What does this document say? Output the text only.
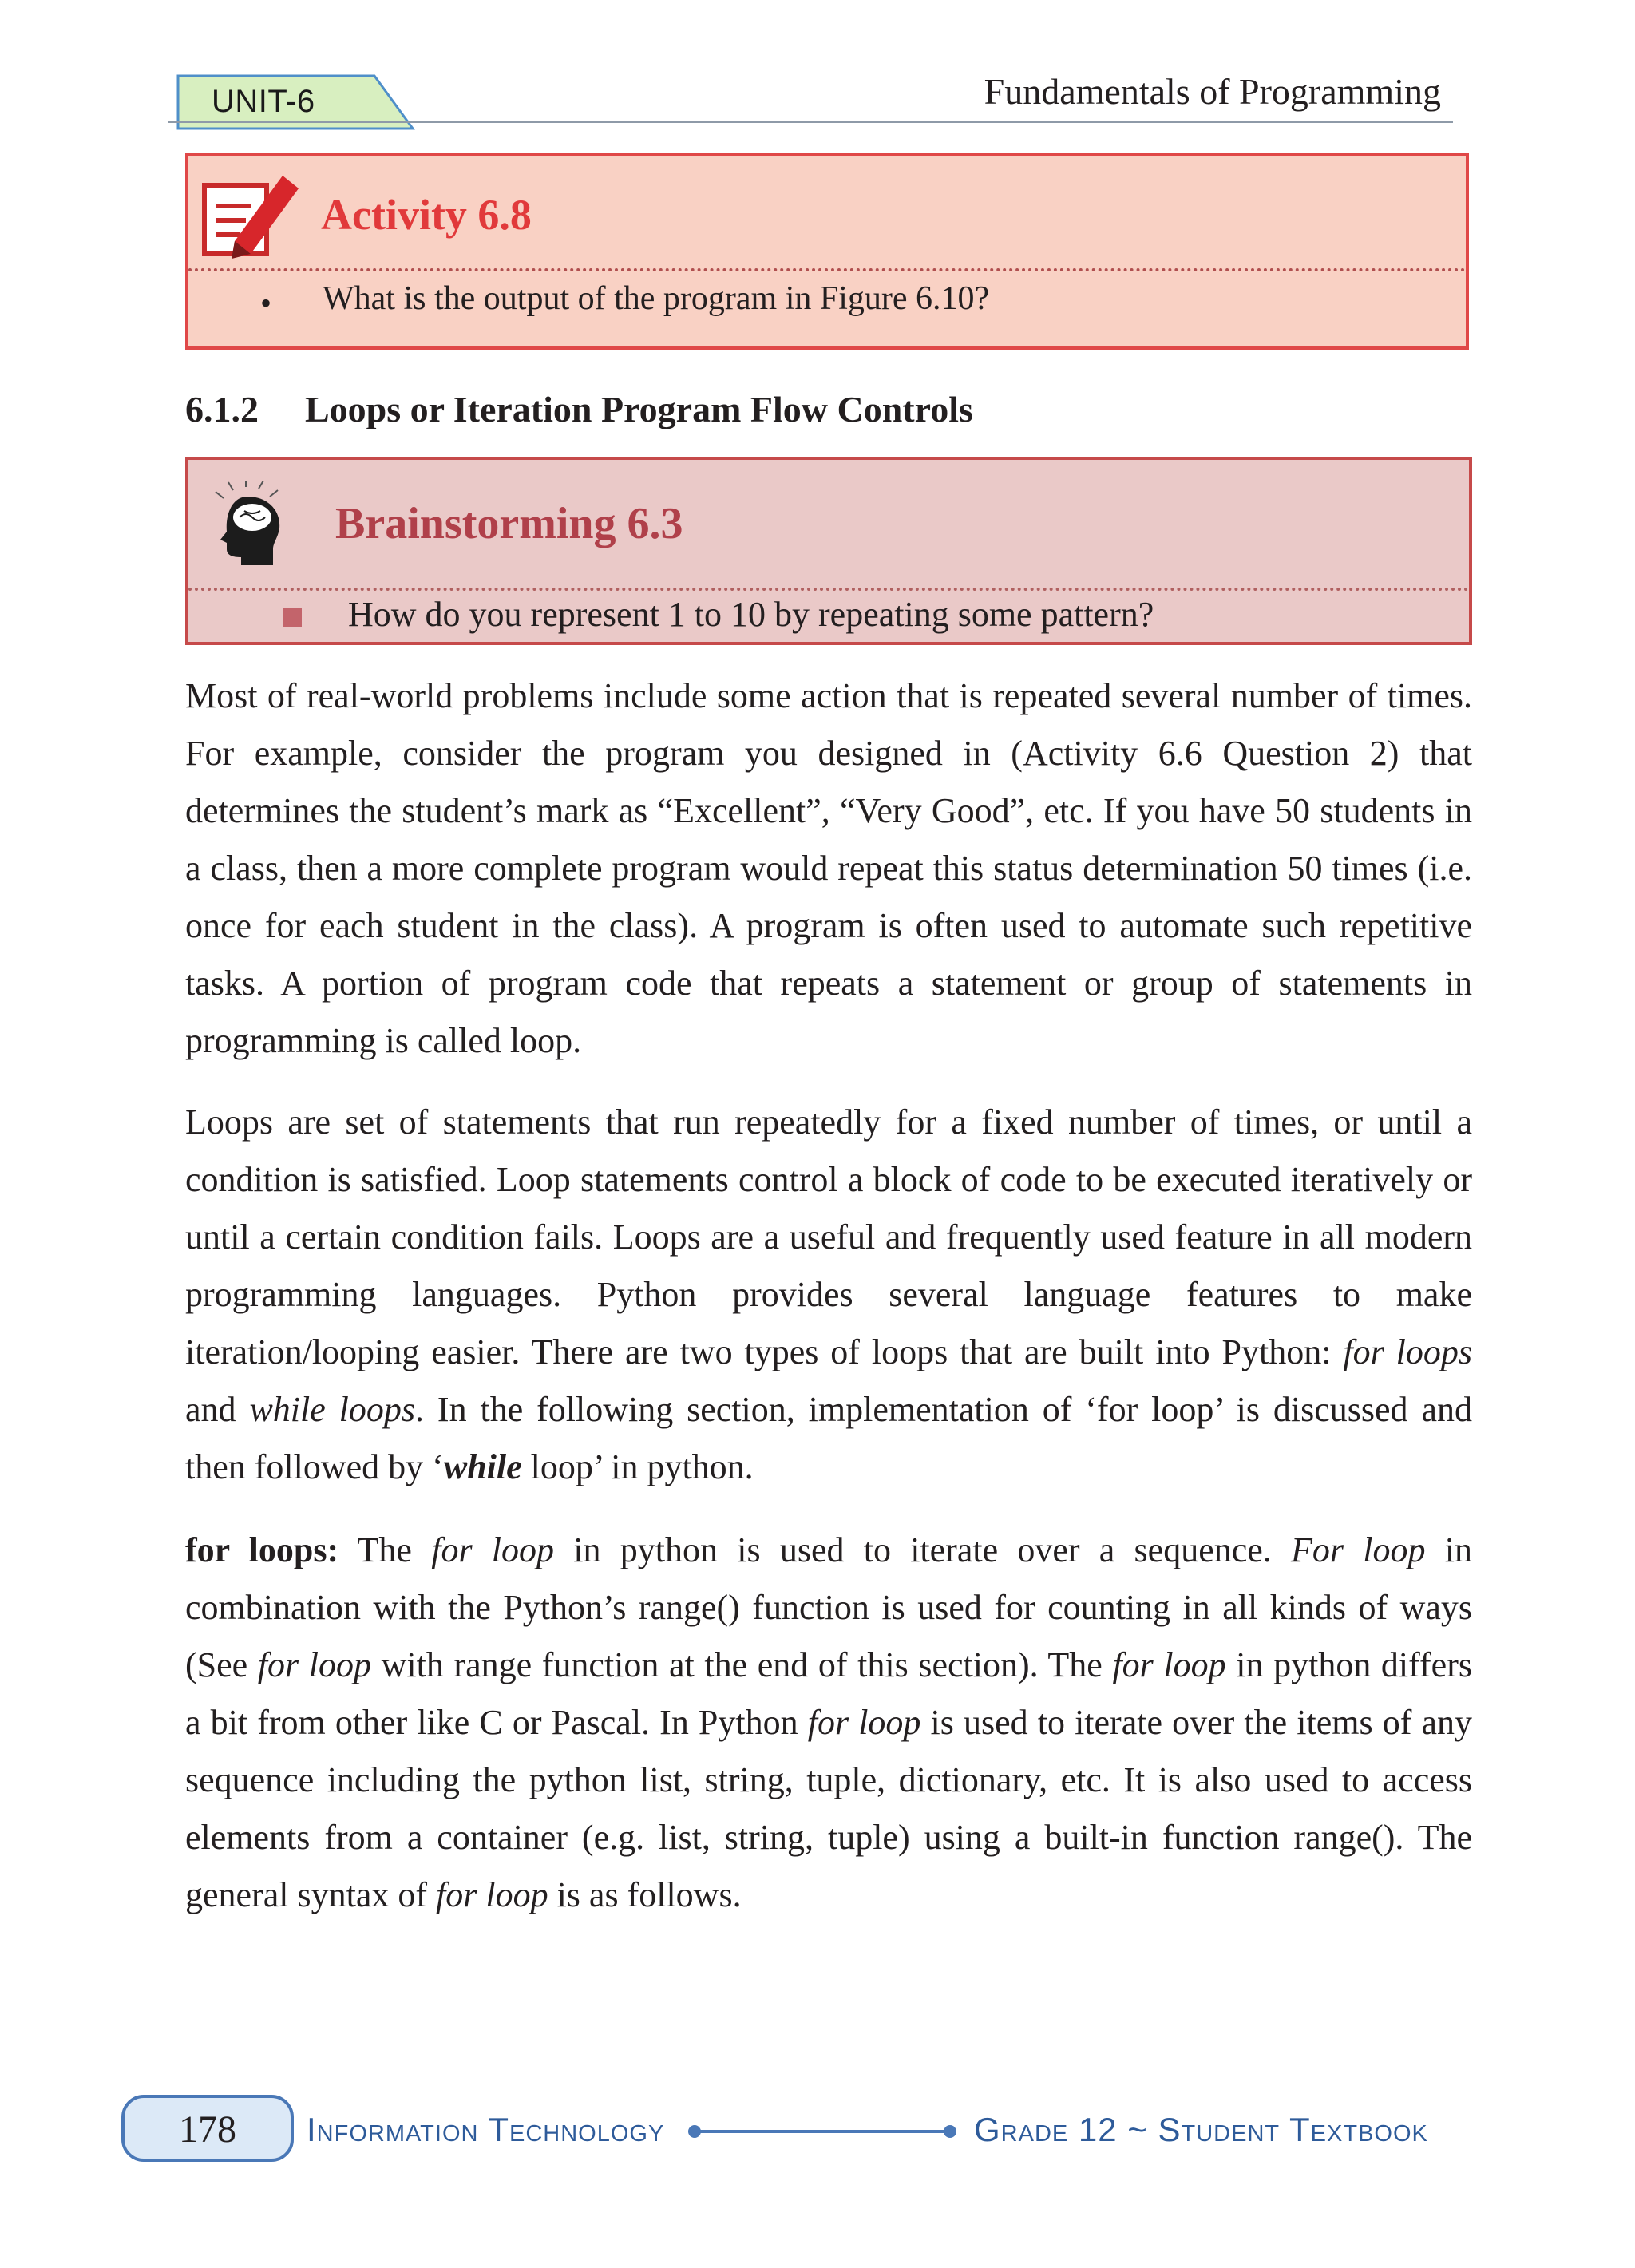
UNIT-6	Fundamentals of Programming
Activity 6.8
• What is the output of the program in Figure 6.10?
6.1.2 Loops or Iteration Program Flow Controls
Brainstorming 6.3
How do you represent 1 to 10 by repeating some pattern?

Most of real-world problems include some action that is repeated several number of times. For example, consider the program you designed in (Activity 6.6 Question 2) that determines the student’s mark as “Excellent”, “Very Good”, etc. If you have 50 students in a class, then a more complete program would repeat this status determination 50 times (i.e. once for each student in the class). A program is often used to automate such repetitive tasks. A portion of program code that repeats a statement or group of statements in programming is called loop.

Loops are set of statements that run repeatedly for a fixed number of times, or until a condition is satisfied. Loop statements control a block of code to be executed iteratively or until a certain condition fails. Loops are a useful and frequently used feature in all modern programming languages. Python provides several language features to make iteration/looping easier. There are two types of loops that are built into Python: for loops and while loops. In the following section, implementation of ‘for loop’ is discussed and then followed by ‘while loop’ in python.

for loops: The for loop in python is used to iterate over a sequence. For loop in combination with the Python’s range() function is used for counting in all kinds of ways (See for loop with range function at the end of this section). The for loop in python differs a bit from other like C or Pascal. In Python for loop is used to iterate over the items of any sequence including the python list, string, tuple, dictionary, etc. It is also used to access elements from a container (e.g. list, string, tuple) using a built-in function range(). The general syntax of for loop is as follows.

178	Information Technology	Grade 12 ~ Student Textbook
